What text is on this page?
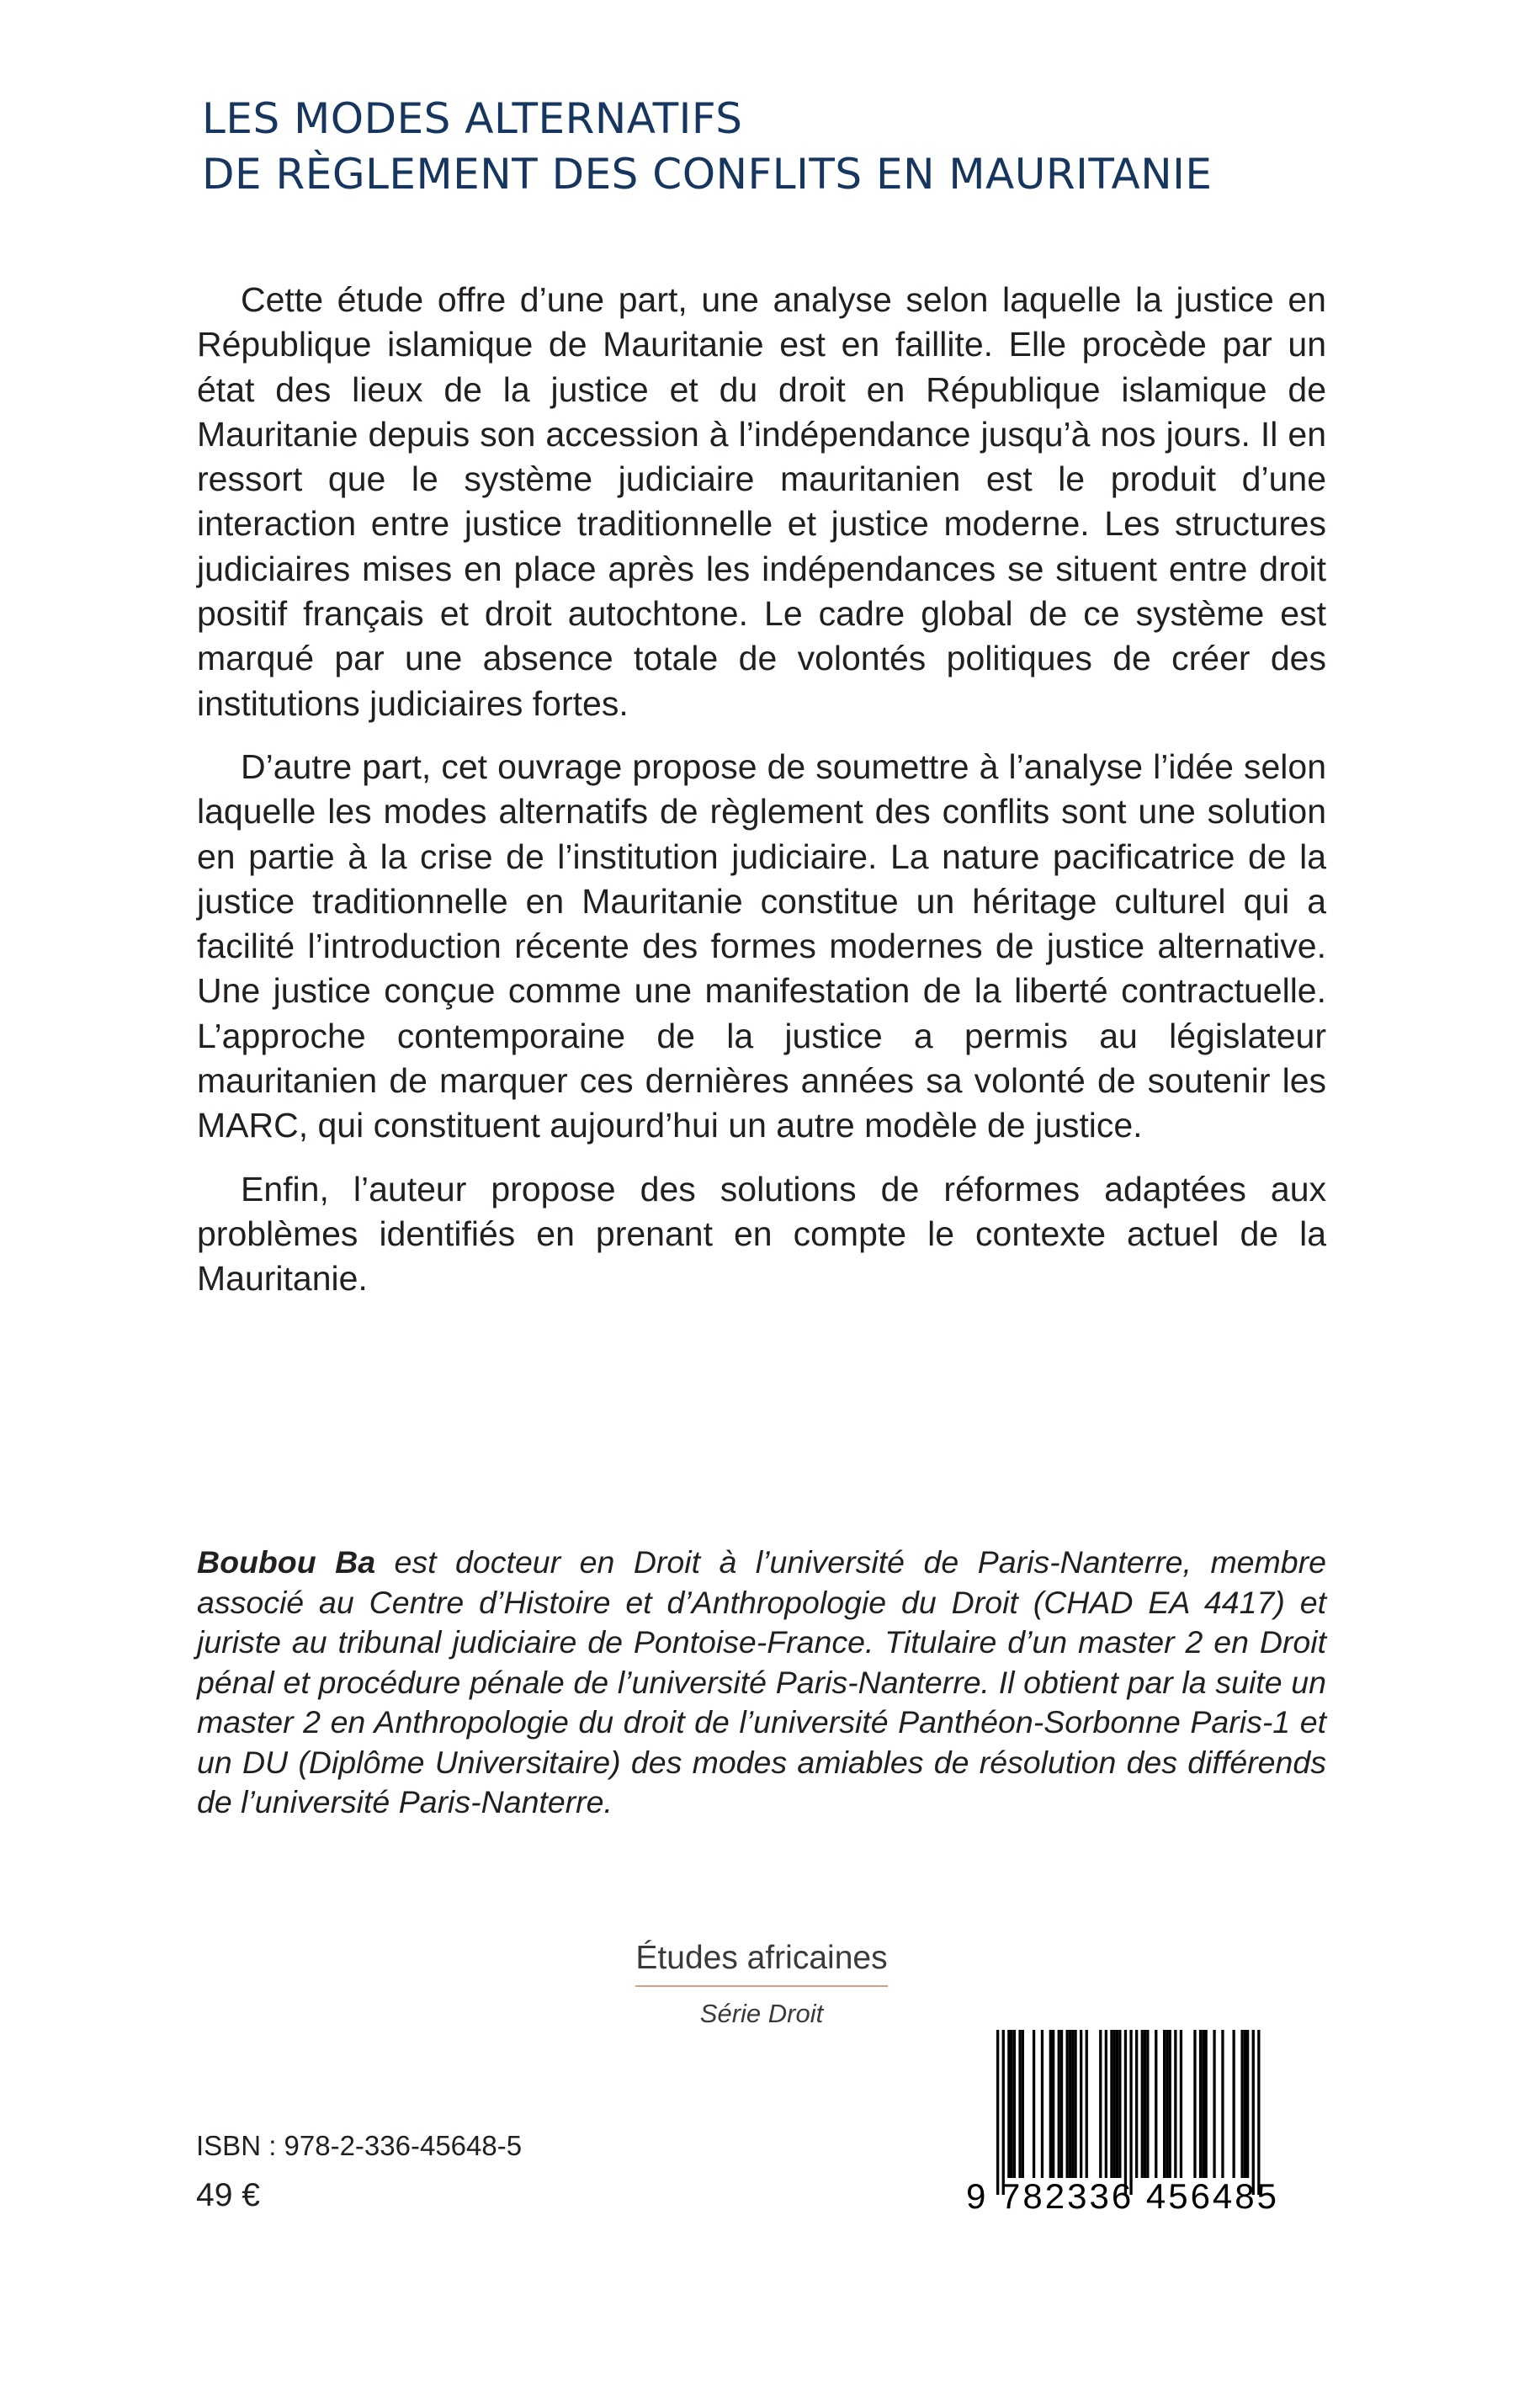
LES MODES ALTERNATIFS
DE RÈGLEMENT DES CONFLITS EN MAURITANIE

Cette étude offre d’une part, une analyse selon laquelle la justice en République islamique de Mauritanie est en faillite. Elle procède par un état des lieux de la justice et du droit en République islamique de Mauritanie depuis son accession à l’indépendance jusqu’à nos jours. Il en ressort que le système judiciaire mauritanien est le produit d’une interaction entre justice traditionnelle et justice moderne. Les structures judiciaires mises en place après les indépendances se situent entre droit positif français et droit autochtone. Le cadre global de ce système est marqué par une absence totale de volontés politiques de créer des institutions judiciaires fortes.

D’autre part, cet ouvrage propose de soumettre à l’analyse l’idée selon laquelle les modes alternatifs de règlement des conflits sont une solution en partie à la crise de l’institution judiciaire. La nature pacificatrice de la justice traditionnelle en Mauritanie constitue un héritage culturel qui a facilité l’introduction récente des formes modernes de justice alternative. Une justice conçue comme une manifestation de la liberté contractuelle. L’approche contemporaine de la justice a permis au législateur mauritanien de marquer ces dernières années sa volonté de soutenir les MARC, qui constituent aujourd’hui un autre modèle de justice.

Enfin, l’auteur propose des solutions de réformes adaptées aux problèmes identifiés en prenant en compte le contexte actuel de la Mauritanie.

Boubou Ba est docteur en Droit à l’université de Paris-Nanterre, membre associé au Centre d’Histoire et d’Anthropologie du Droit (CHAD EA 4417) et juriste au tribunal judiciaire de Pontoise-France. Titulaire d’un master 2 en Droit pénal et procédure pénale de l’université Paris-Nanterre. Il obtient par la suite un master 2 en Anthropologie du droit de l’université Panthéon-Sorbonne Paris-1 et un DU (Diplôme Universitaire) des modes amiables de résolution des différends de l’université Paris-Nanterre.

Études africaines
Série Droit
ISBN : 978-2-336-45648-5
49 €	9 782336 456485
